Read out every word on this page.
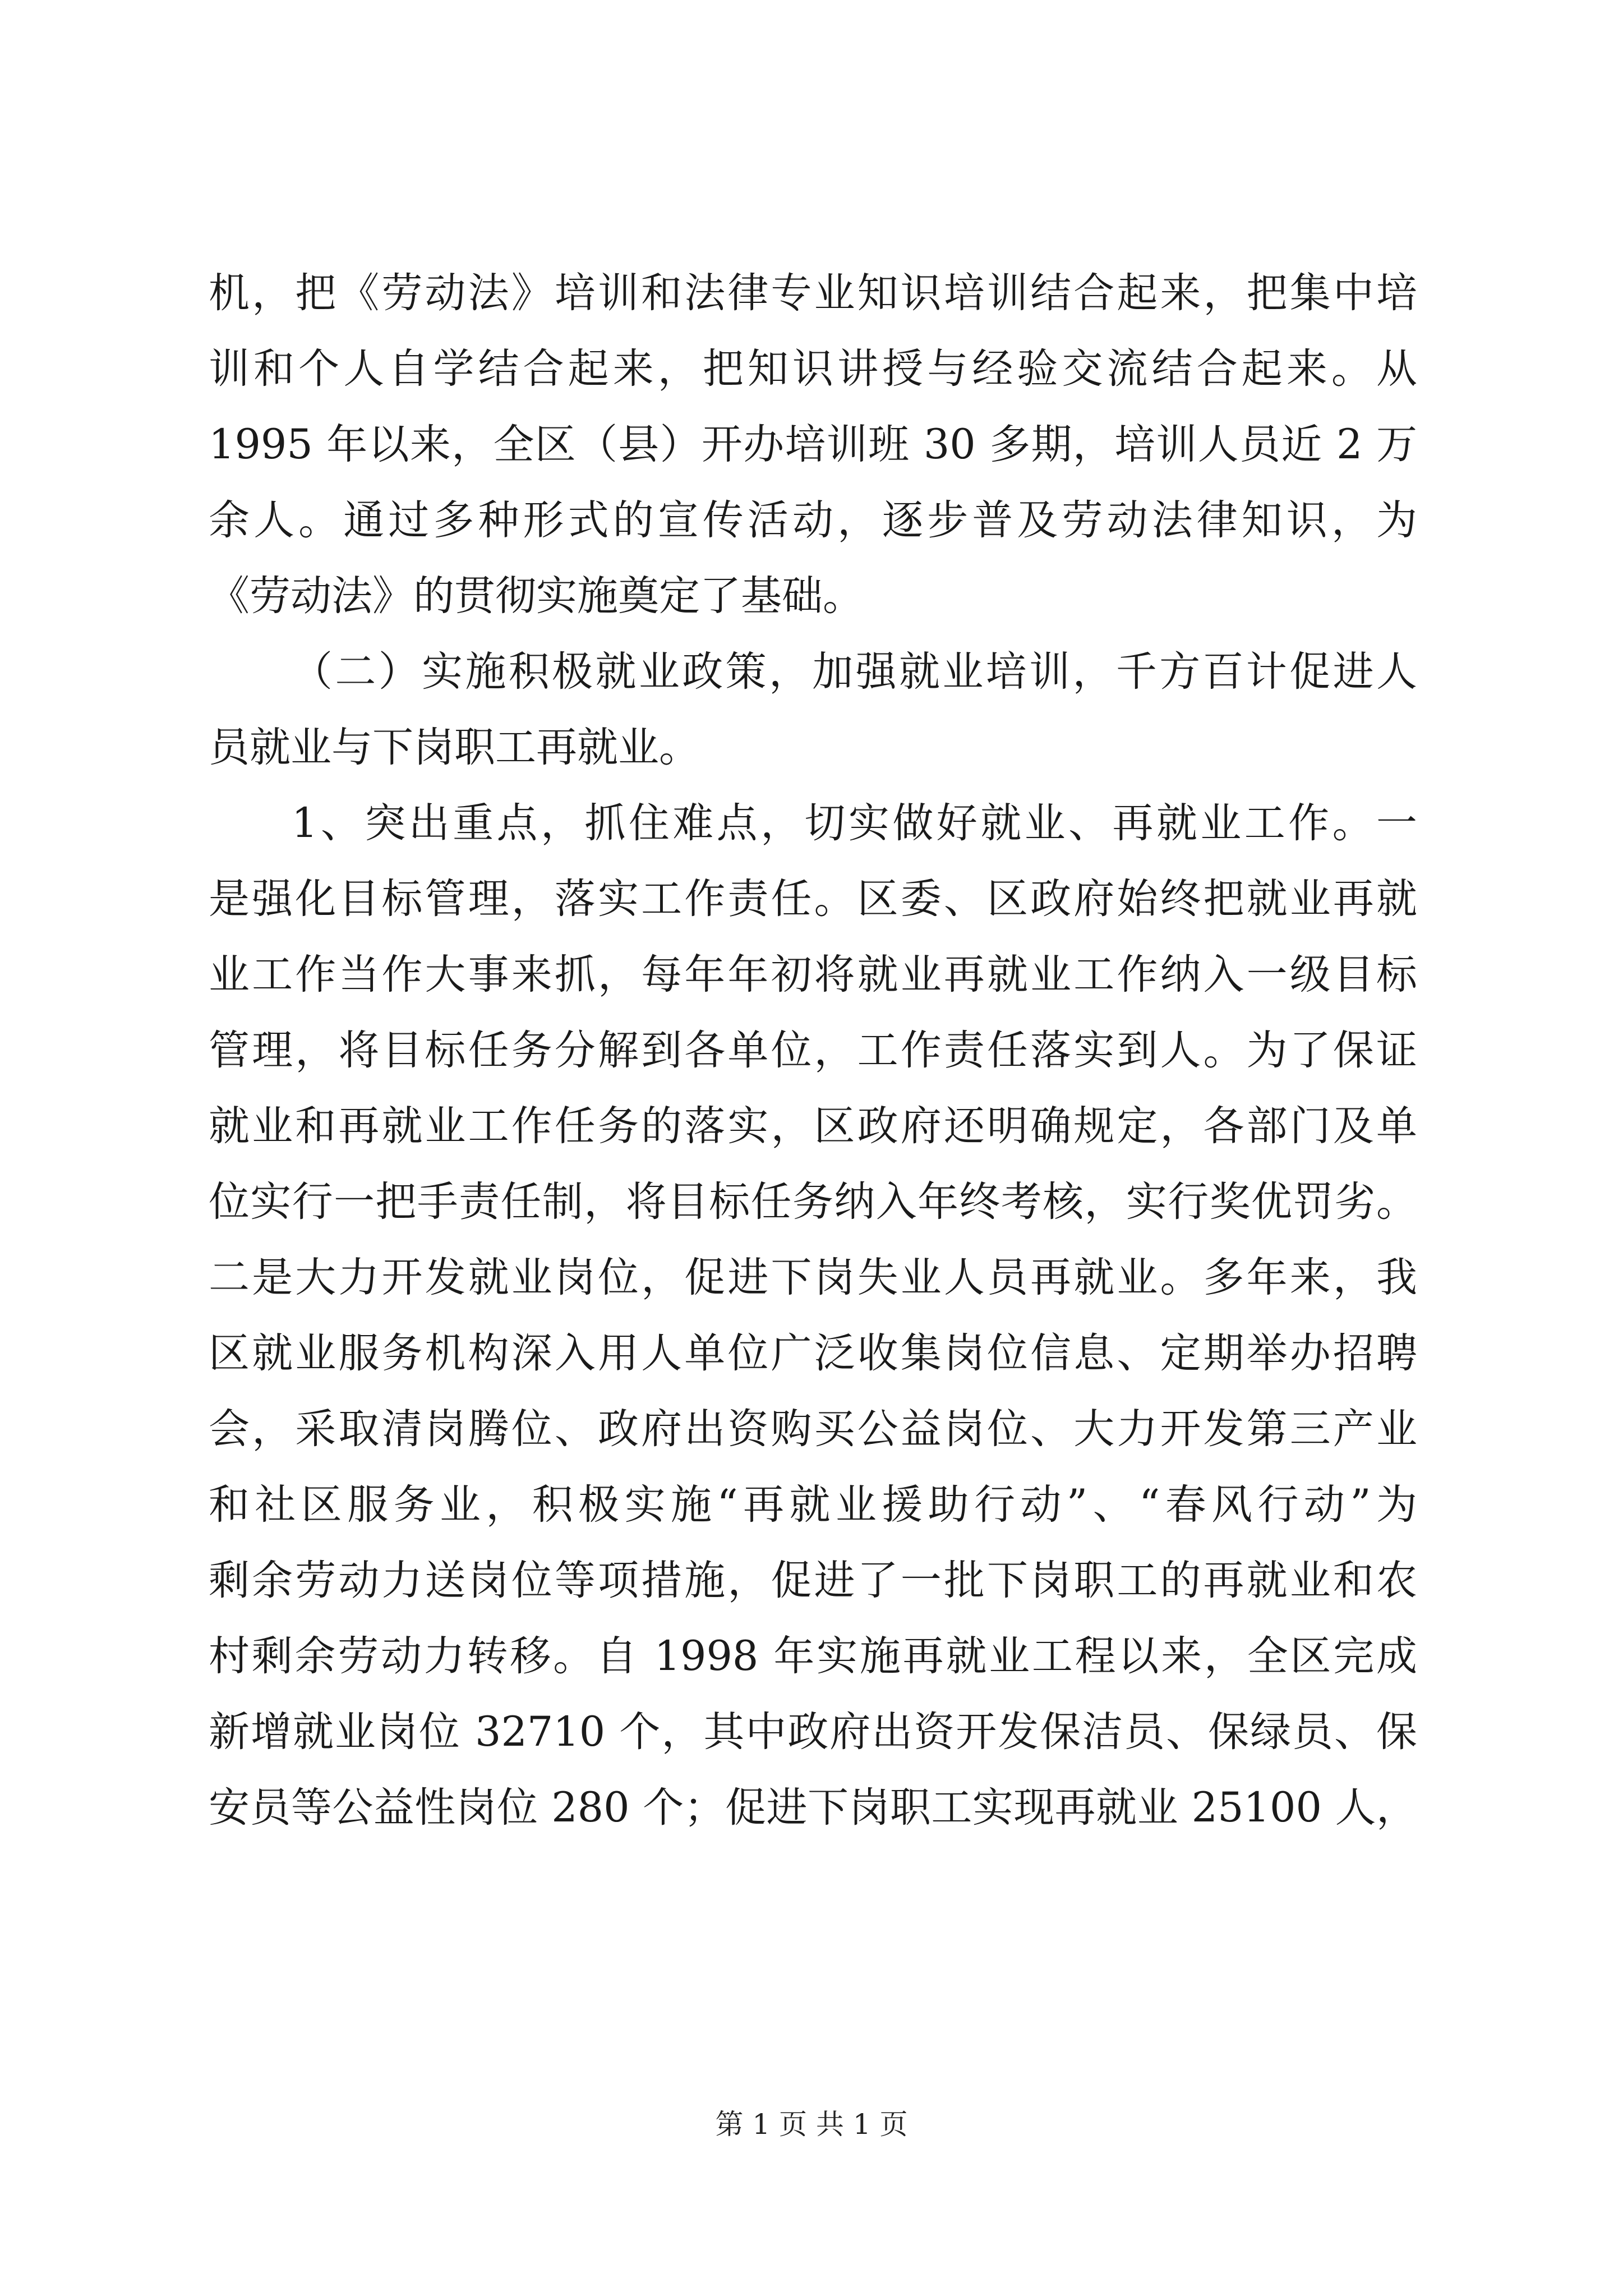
机，把《劳动法》培训和法律专业知识培训结合起来，把集中培
训和个人自学结合起来，把知识讲授与经验交流结合起来。从
1995 年以来，全区（县）开办培训班 30 多期，培训人员近 2 万
余人。通过多种形式的宣传活动，逐步普及劳动法律知识，为
《劳动法》的贯彻实施奠定了基础。
（二）实施积极就业政策，加强就业培训，千方百计促进人
员就业与下岗职工再就业。
1、突出重点，抓住难点，切实做好就业、再就业工作。一
是强化目标管理，落实工作责任。区委、区政府始终把就业再就
业工作当作大事来抓，每年年初将就业再就业工作纳入一级目标
管理，将目标任务分解到各单位，工作责任落实到人。为了保证
就业和再就业工作任务的落实，区政府还明确规定，各部门及单
位实行一把手责任制，将目标任务纳入年终考核，实行奖优罚劣。
二是大力开发就业岗位，促进下岗失业人员再就业。多年来，我
区就业服务机构深入用人单位广泛收集岗位信息、定期举办招聘
会，采取清岗腾位、政府出资购买公益岗位、大力开发第三产业
和社区服务业，积极实施“再就业援助行动”、“春风行动”为
剩余劳动力送岗位等项措施，促进了一批下岗职工的再就业和农
村剩余劳动力转移。自 1998 年实施再就业工程以来，全区完成
新增就业岗位 32710 个，其中政府出资开发保洁员、保绿员、保
安员等公益性岗位 280 个；促进下岗职工实现再就业 25100 人，
第 1 页 共 1 页
